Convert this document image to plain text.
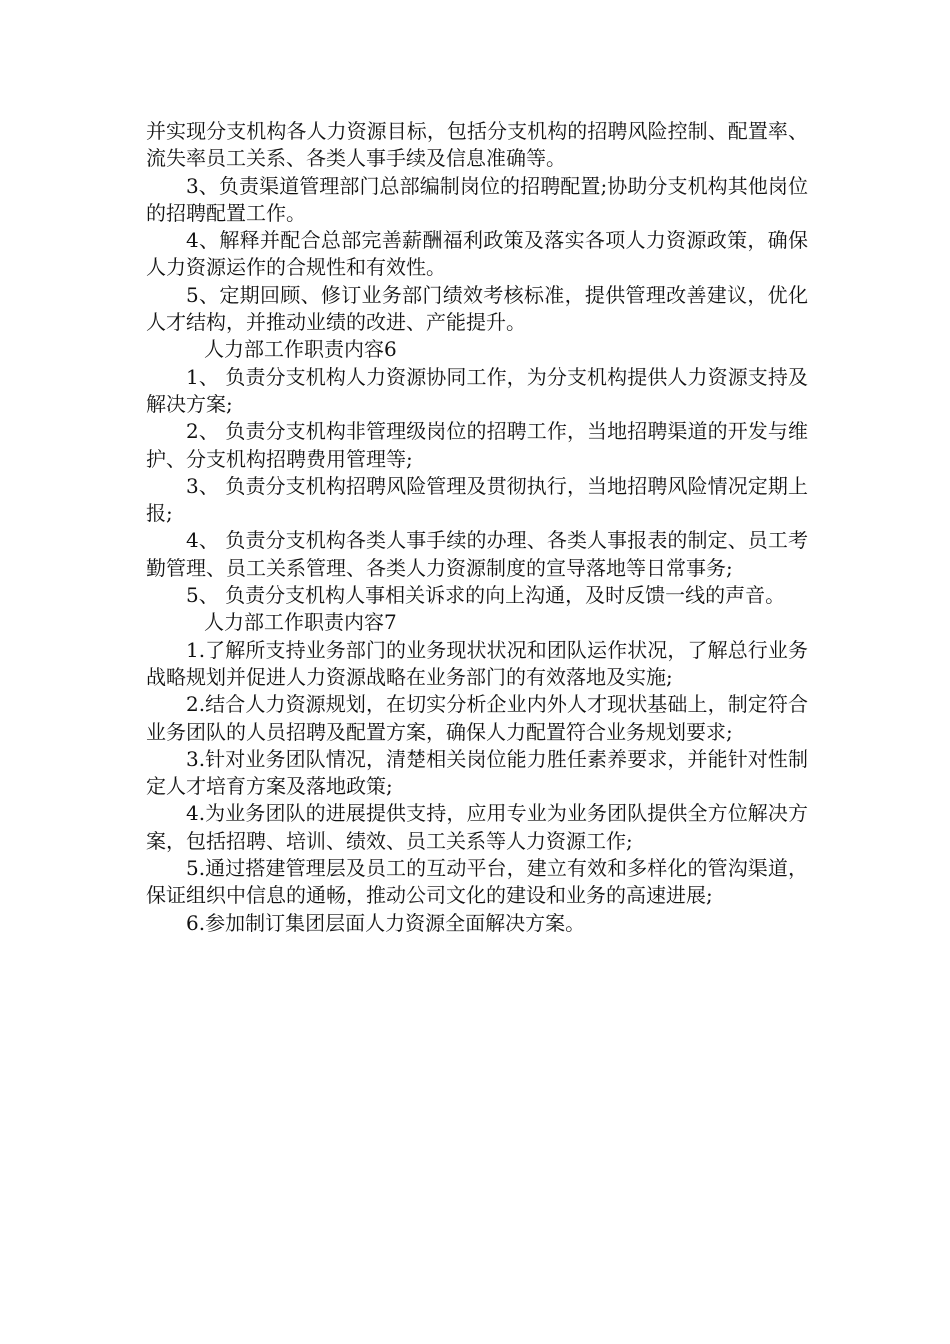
并实现分支机构各人力资源目标，包括分支机构的招聘风险控制、配置率、流失率员工关系、各类人事手续及信息准确等。

3、负责渠道管理部门总部编制岗位的招聘配置;协助分支机构其他岗位的招聘配置工作。

4、解释并配合总部完善薪酬福利政策及落实各项人力资源政策，确保人力资源运作的合规性和有效性。

5、定期回顾、修订业务部门绩效考核标准，提供管理改善建议，优化人才结构，并推动业绩的改进、产能提升。

人力部工作职责内容6

1、 负责分支机构人力资源协同工作，为分支机构提供人力资源支持及解决方案;

2、 负责分支机构非管理级岗位的招聘工作，当地招聘渠道的开发与维护、分支机构招聘费用管理等;

3、 负责分支机构招聘风险管理及贯彻执行，当地招聘风险情况定期上报;

4、 负责分支机构各类人事手续的办理、各类人事报表的制定、员工考勤管理、员工关系管理、各类人力资源制度的宣导落地等日常事务;

5、 负责分支机构人事相关诉求的向上沟通，及时反馈一线的声音。

人力部工作职责内容7

1.了解所支持业务部门的业务现状状况和团队运作状况，了解总行业务战略规划并促进人力资源战略在业务部门的有效落地及实施;

2.结合人力资源规划，在切实分析企业内外人才现状基础上，制定符合业务团队的人员招聘及配置方案，确保人力配置符合业务规划要求;

3.针对业务团队情况，清楚相关岗位能力胜任素养要求，并能针对性制定人才培育方案及落地政策;

4.为业务团队的进展提供支持，应用专业为业务团队提供全方位解决方案，包括招聘、培训、绩效、员工关系等人力资源工作;

5.通过搭建管理层及员工的互动平台，建立有效和多样化的管沟渠道，保证组织中信息的通畅，推动公司文化的建设和业务的高速进展;

6.参加制订集团层面人力资源全面解决方案。
